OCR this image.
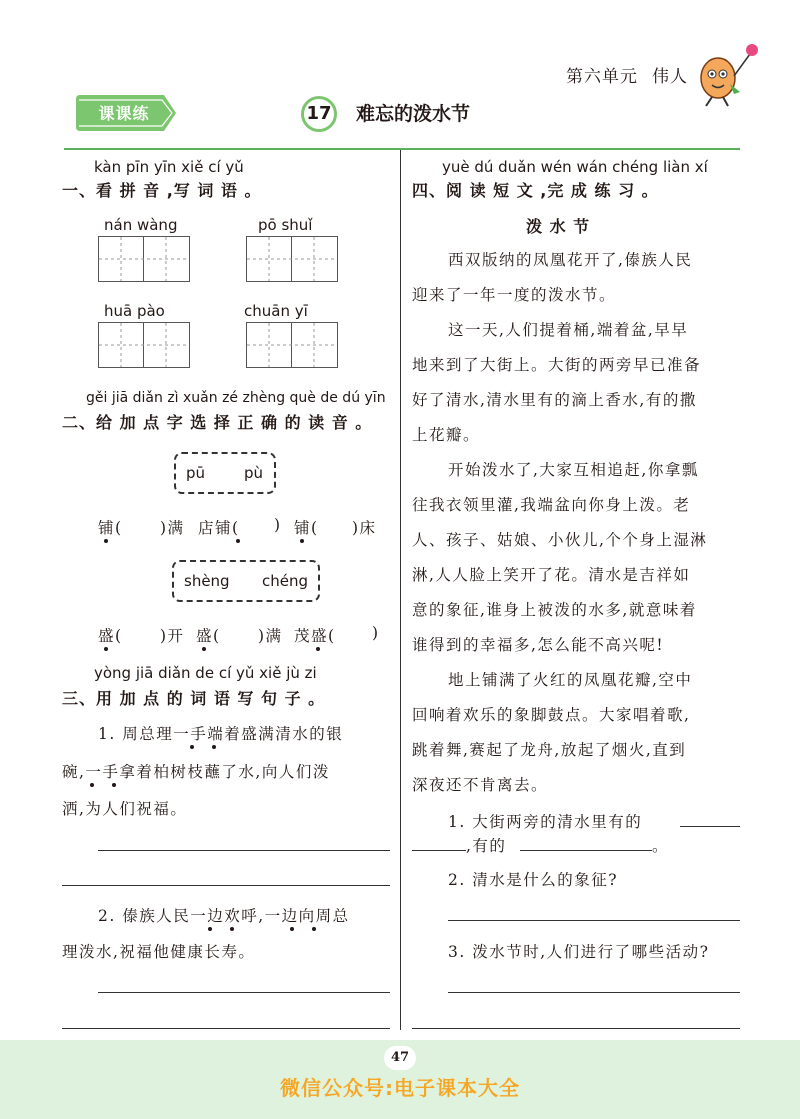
第六单元 伟人
课课练	17 难忘的泼水节
kàn pīn yīn xiě cí yǔ
一、看 拼 音 ,写 词 语 。
nán wàng	pō shuǐ
huā pào	chuān yī
gěi jiā diǎn zì xuǎn zé zhèng què de dú yīn
二、给 加 点 字 选 择 正 确 的 读 音 。
pū	pù
铺( )满 店铺( ) 铺( )床
shèng chéng
盛( )开 盛( )满 茂盛( )
yòng jiā diǎn de cí yǔ xiě jù zi
三、用 加 点 的 词 语 写 句 子 。
1. 周总理一手端着盛满清水的银
碗,一手拿着柏树枝蘸了水,向人们泼
洒,为人们祝福。
2. 傣族人民一边欢呼,一边向周总
理泼水,祝福他健康长寿。
yuè dú duǎn wén wán chéng liàn xí
四、阅 读 短 文 ,完 成 练 习 。
泼 水 节
西双版纳的凤凰花开了,傣族人民
迎来了一年一度的泼水节。
这一天,人们提着桶,端着盆,早早
地来到了大街上。大街的两旁早已准备
好了清水,清水里有的滴上香水,有的撒
上花瓣。
开始泼水了,大家互相追赶,你拿瓢
往我衣领里灌,我端盆向你身上泼。老
人、孩子、姑娘、小伙儿,个个身上湿淋
淋,人人脸上笑开了花。清水是吉祥如
意的象征,谁身上被泼的水多,就意味着
谁得到的幸福多,怎么能不高兴呢!
地上铺满了火红的凤凰花瓣,空中
回响着欢乐的象脚鼓点。大家唱着歌,
跳着舞,赛起了龙舟,放起了烟火,直到
深夜还不肯离去。
1. 大街两旁的清水里有的
,有的	。
2. 清水是什么的象征?
3. 泼水节时,人们进行了哪些活动?
47
微信公众号:电子课本大全
